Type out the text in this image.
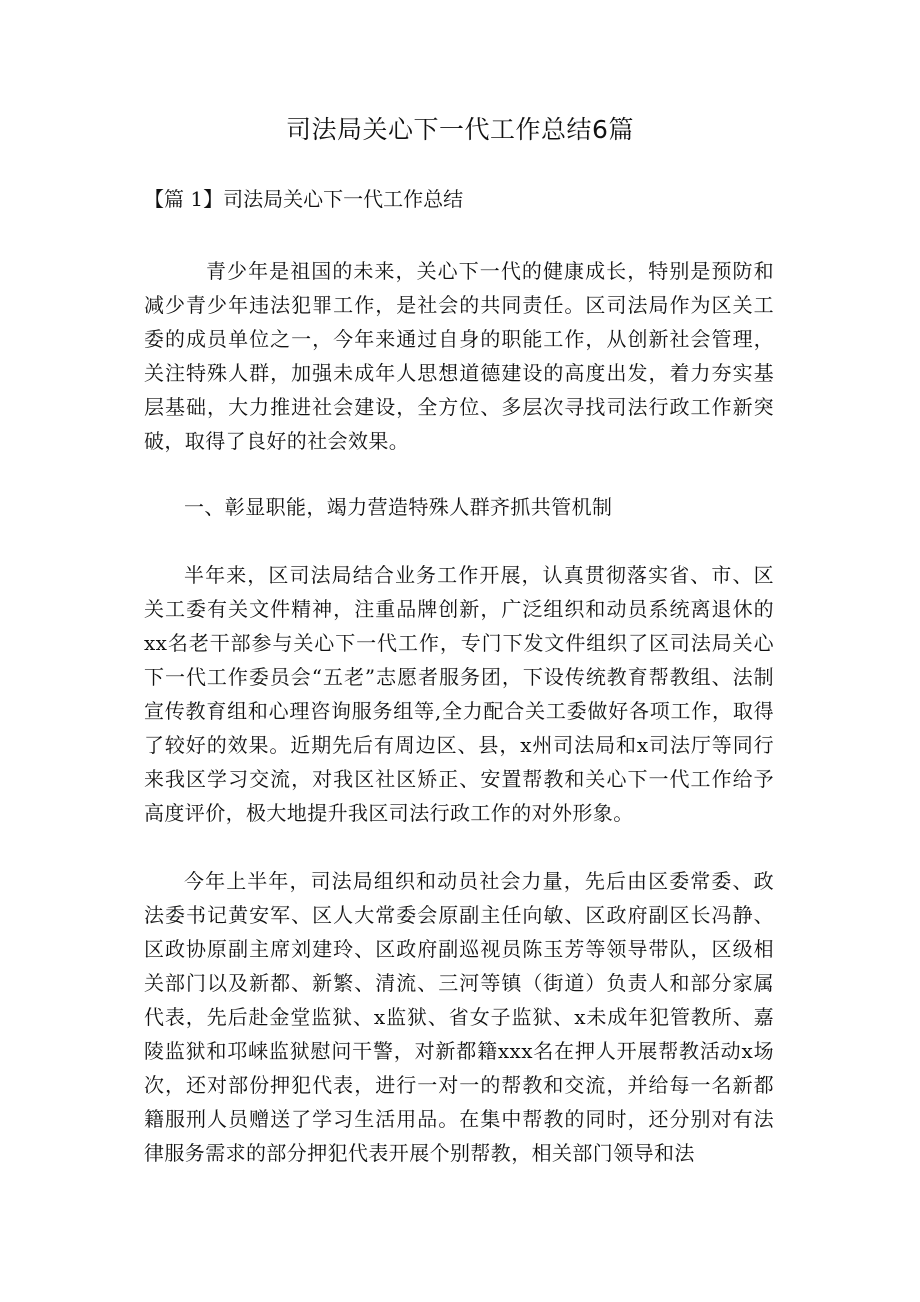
司法局关心下一代工作总结6篇
【篇 1】司法局关心下一代工作总结
青少年是祖国的未来，关心下一代的健康成长，特别是预防和减少青少年违法犯罪工作，是社会的共同责任。区司法局作为区关工委的成员单位之一，今年来通过自身的职能工作，从创新社会管理，关注特殊人群，加强未成年人思想道德建设的高度出发，着力夯实基层基础，大力推进社会建设，全方位、多层次寻找司法行政工作新突破，取得了良好的社会效果。
一、彰显职能，竭力营造特殊人群齐抓共管机制
半年来，区司法局结合业务工作开展，认真贯彻落实省、市、区关工委有关文件精神，注重品牌创新，广泛组织和动员系统离退休的xx名老干部参与关心下一代工作，专门下发文件组织了区司法局关心下一代工作委员会“五老”志愿者服务团，下设传统教育帮教组、法制宣传教育组和心理咨询服务组等,全力配合关工委做好各项工作，取得了较好的效果。近期先后有周边区、县，x州司法局和x司法厅等同行来我区学习交流，对我区社区矫正、安置帮教和关心下一代工作给予高度评价，极大地提升我区司法行政工作的对外形象。
今年上半年，司法局组织和动员社会力量，先后由区委常委、政法委书记黄安军、区人大常委会原副主任向敏、区政府副区长冯静、区政协原副主席刘建玲、区政府副巡视员陈玉芳等领导带队，区级相关部门以及新都、新繁、清流、三河等镇（街道）负责人和部分家属代表，先后赴金堂监狱、x监狱、省女子监狱、x未成年犯管教所、嘉陵监狱和邛崃监狱慰问干警，对新都籍xxx名在押人开展帮教活动x场次，还对部份押犯代表，进行一对一的帮教和交流，并给每一名新都籍服刑人员赠送了学习生活用品。在集中帮教的同时，还分别对有法律服务需求的部分押犯代表开展个别帮教，相关部门领导和法
